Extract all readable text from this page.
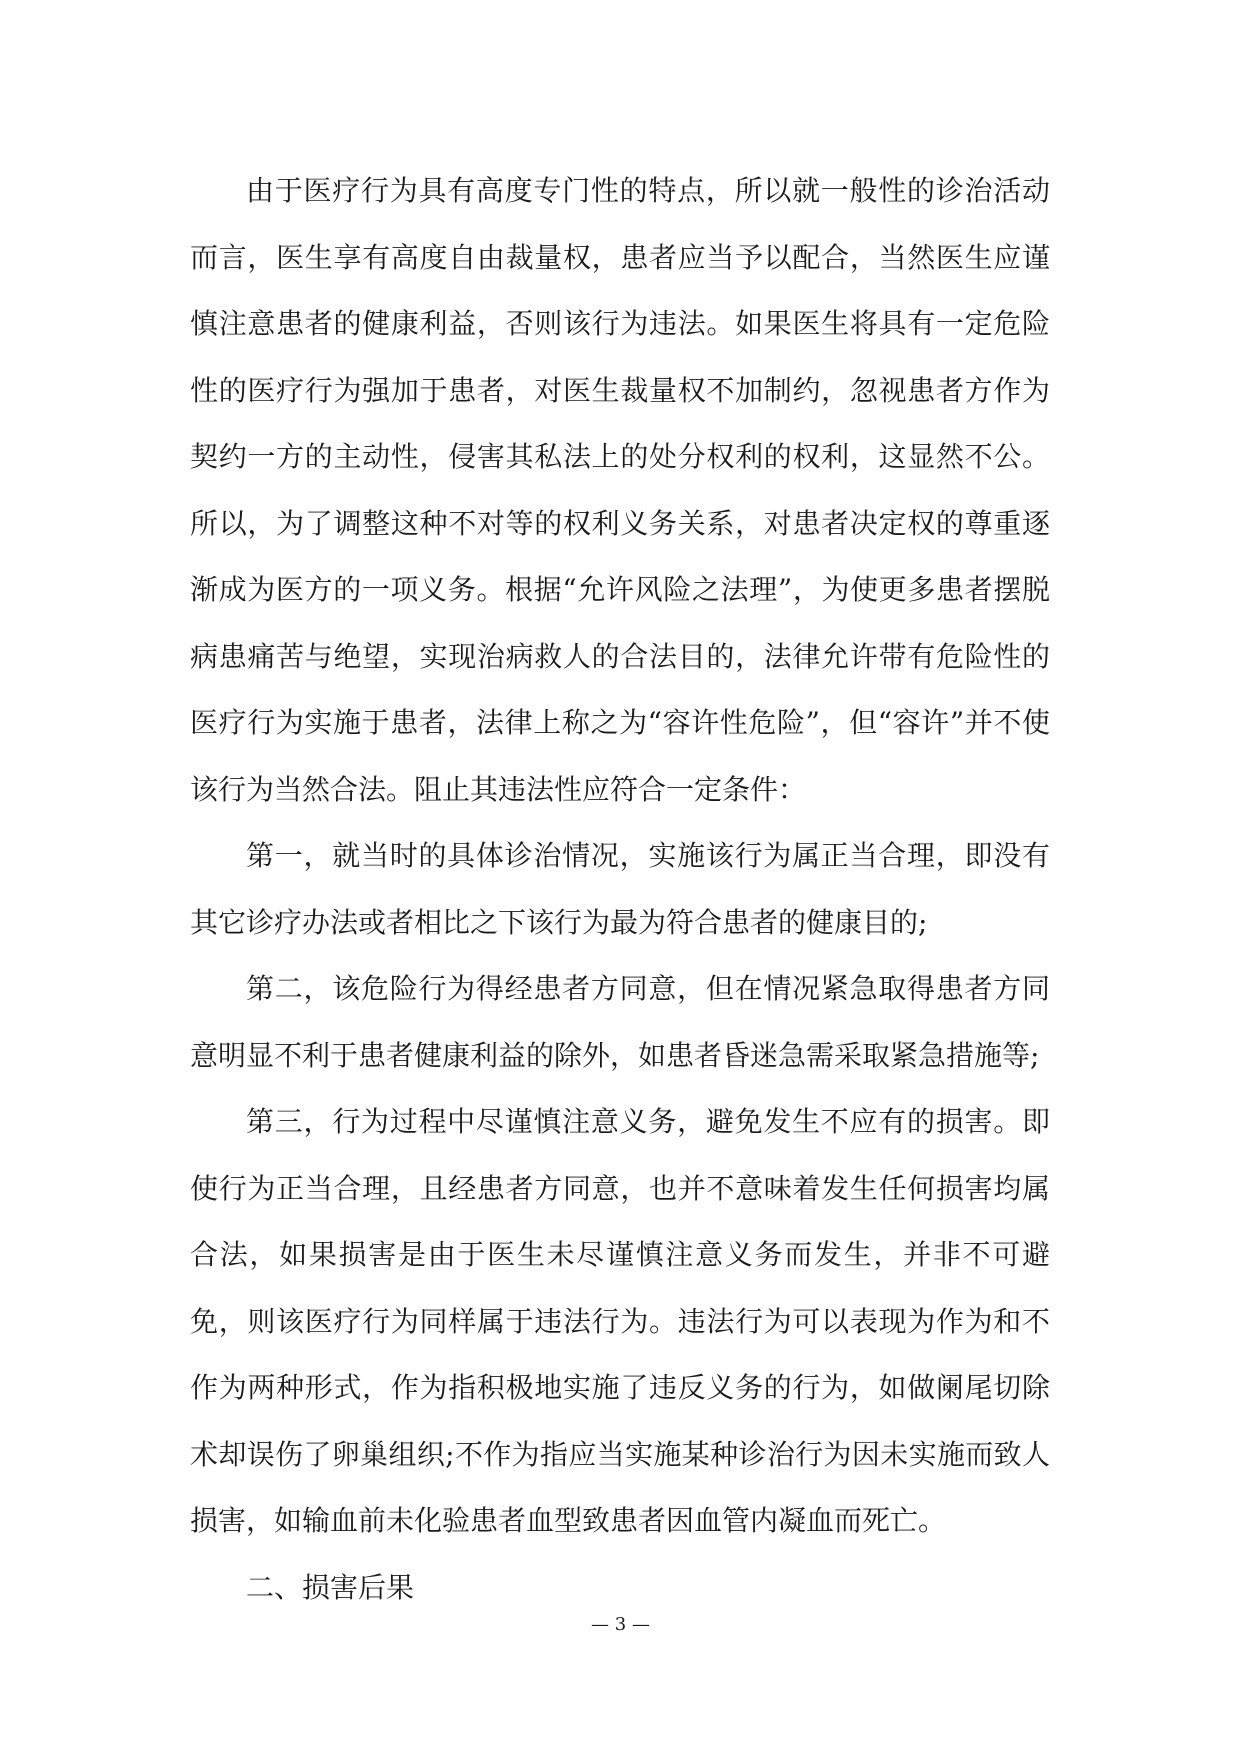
由于医疗行为具有高度专门性的特点，所以就一般性的诊治活动而言，医生享有高度自由裁量权，患者应当予以配合，当然医生应谨慎注意患者的健康利益，否则该行为违法。如果医生将具有一定危险性的医疗行为强加于患者，对医生裁量权不加制约，忽视患者方作为契约一方的主动性，侵害其私法上的处分权利的权利，这显然不公。所以，为了调整这种不对等的权利义务关系，对患者决定权的尊重逐渐成为医方的一项义务。根据“允许风险之法理”，为使更多患者摆脱病患痛苦与绝望，实现治病救人的合法目的，法律允许带有危险性的医疗行为实施于患者，法律上称之为“容许性危险”，但“容许”并不使该行为当然合法。阻止其违法性应符合一定条件：

第一，就当时的具体诊治情况，实施该行为属正当合理，即没有其它诊疗办法或者相比之下该行为最为符合患者的健康目的;

第二，该危险行为得经患者方同意，但在情况紧急取得患者方同意明显不利于患者健康利益的除外，如患者昏迷急需采取紧急措施等;

第三，行为过程中尽谨慎注意义务，避免发生不应有的损害。即使行为正当合理，且经患者方同意，也并不意味着发生任何损害均属合法，如果损害是由于医生未尽谨慎注意义务而发生，并非不可避免，则该医疗行为同样属于违法行为。违法行为可以表现为作为和不作为两种形式，作为指积极地实施了违反义务的行为，如做阑尾切除术却误伤了卵巢组织;不作为指应当实施某种诊治行为因未实施而致人损害，如输血前未化验患者血型致患者因血管内凝血而死亡。

二、损害后果

— 3 —
